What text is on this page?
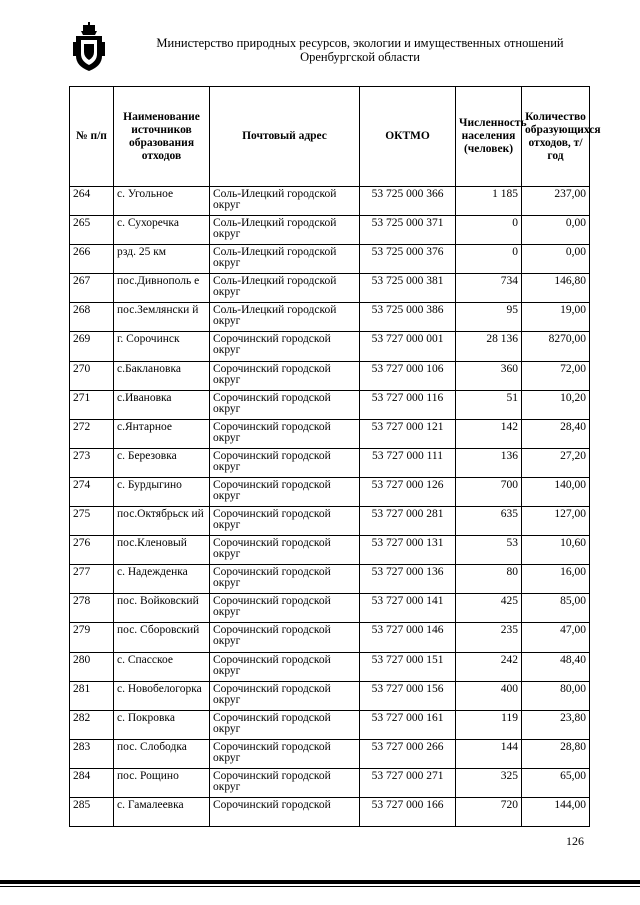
Министерство природных ресурсов, экологии и имущественных отношений
Оренбургской области
№ п/п	Наименование источников образования отходов	Почтовый адрес	ОКТМО	Численность населения (человек)	Количество образующихся отходов, т/год
264	с. Угольное	Соль-Илецкий городской округ	53 725 000 366	1 185	237,00
265	с. Сухоречка	Соль-Илецкий городской округ	53 725 000 371	0	0,00
266	рзд. 25 км	Соль-Илецкий городской округ	53 725 000 376	0	0,00
267	пос.Дивнополь е	Соль-Илецкий городской округ	53 725 000 381	734	146,80
268	пос.Землянски й	Соль-Илецкий городской округ	53 725 000 386	95	19,00
269	г. Сорочинск	Сорочинский городской округ	53 727 000 001	28 136	8270,00
270	с.Баклановка	Сорочинский городской округ	53 727 000 106	360	72,00
271	с.Ивановка	Сорочинский городской округ	53 727 000 116	51	10,20
272	с.Янтарное	Сорочинский городской округ	53 727 000 121	142	28,40
273	с. Березовка	Сорочинский городской округ	53 727 000 111	136	27,20
274	с. Бурдыгино	Сорочинский городской округ	53 727 000 126	700	140,00
275	пос.Октябрьск ий	Сорочинский городской округ	53 727 000 281	635	127,00
276	пос.Кленовый	Сорочинский городской округ	53 727 000 131	53	10,60
277	с. Надежденка	Сорочинский городской округ	53 727 000 136	80	16,00
278	пос. Войковский	Сорочинский городской округ	53 727 000 141	425	85,00
279	пос. Сборовский	Сорочинский городской округ	53 727 000 146	235	47,00
280	с. Спасское	Сорочинский городской округ	53 727 000 151	242	48,40
281	с. Новобелогорка	Сорочинский городской округ	53 727 000 156	400	80,00
282	с. Покровка	Сорочинский городской округ	53 727 000 161	119	23,80
283	пос. Слободка	Сорочинский городской округ	53 727 000 266	144	28,80
284	пос. Рощино	Сорочинский городской округ	53 727 000 271	325	65,00
285	с. Гамалеевка	Сорочинский городской	53 727 000 166	720	144,00
126
